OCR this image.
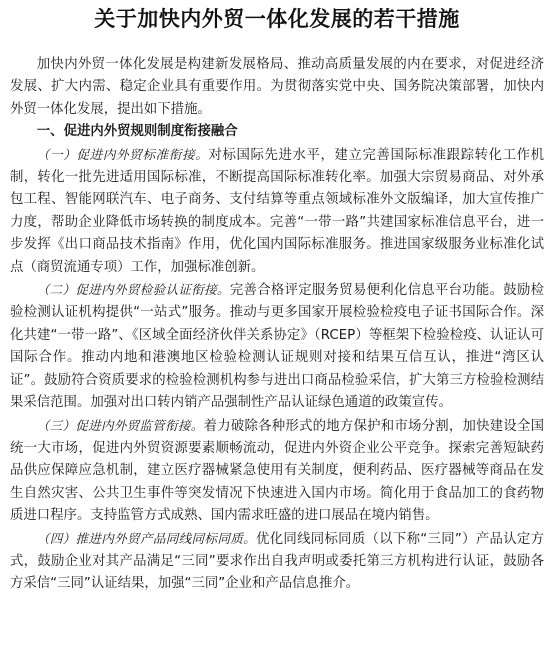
关于加快内外贸一体化发展的若干措施

加快内外贸一体化发展是构建新发展格局、推动高质量发展的内在要求，对促进经济发展、扩大内需、稳定企业具有重要作用。为贯彻落实党中央、国务院决策部署，加快内外贸一体化发展，提出如下措施。

一、促进内外贸规则制度衔接融合

（一）促进内外贸标准衔接。对标国际先进水平，建立完善国际标准跟踪转化工作机制，转化一批先进适用国际标准，不断提高国际标准转化率。加强大宗贸易商品、对外承包工程、智能网联汽车、电子商务、支付结算等重点领域标准外文版编译，加大宣传推广力度，帮助企业降低市场转换的制度成本。完善“一带一路”共建国家标准信息平台，进一步发挥《出口商品技术指南》作用，优化国内国际标准服务。推进国家级服务业标准化试点（商贸流通专项）工作，加强标准创新。

（二）促进内外贸检验认证衔接。完善合格评定服务贸易便利化信息平台功能。鼓励检验检测认证机构提供“一站式”服务。推动与更多国家开展检验检疫电子证书国际合作。深化共建“一带一路”、《区域全面经济伙伴关系协定》（RCEP）等框架下检验检疫、认证认可国际合作。推动内地和港澳地区检验检测认证规则对接和结果互信互认，推进“湾区认证”。鼓励符合资质要求的检验检测机构参与进出口商品检验采信，扩大第三方检验检测结果采信范围。加强对出口转内销产品强制性产品认证绿色通道的政策宣传。

（三）促进内外贸监管衔接。着力破除各种形式的地方保护和市场分割，加快建设全国统一大市场，促进内外贸资源要素顺畅流动，促进内外资企业公平竞争。探索完善短缺药品供应保障应急机制，建立医疗器械紧急使用有关制度，便利药品、医疗器械等商品在发生自然灾害、公共卫生事件等突发情况下快速进入国内市场。简化用于食品加工的食药物质进口程序。支持监管方式成熟、国内需求旺盛的进口展品在境内销售。

（四）推进内外贸产品同线同标同质。优化同线同标同质（以下称“三同”）产品认定方式，鼓励企业对其产品满足“三同”要求作出自我声明或委托第三方机构进行认证，鼓励各方采信“三同”认证结果，加强“三同”企业和产品信息推介。
